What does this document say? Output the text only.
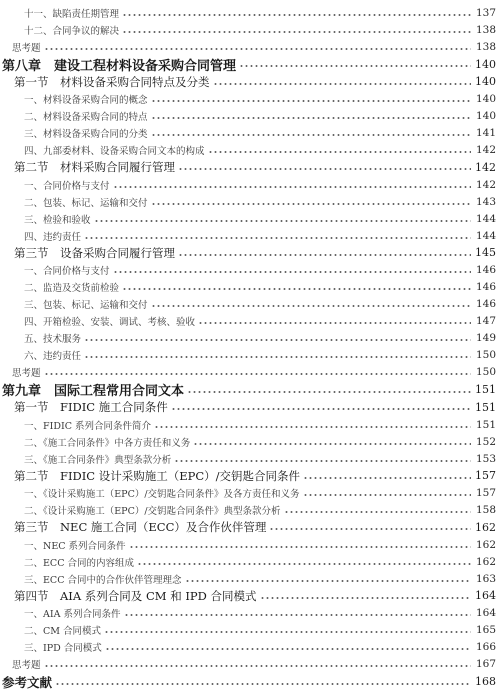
十一、缺陷责任期管理	137
十二、合同争议的解决	138
思考题	138
第八章　建设工程材料设备采购合同管理	140
第一节　材料设备采购合同特点及分类	140
一、材料设备采购合同的概念	140
二、材料设备采购合同的特点	140
三、材料设备采购合同的分类	141
四、九部委材料、设备采购合同文本的构成	142
第二节　材料采购合同履行管理	142
一、合同价格与支付	142
二、包装、标记、运输和交付	143
三、检验和验收	144
四、违约责任	144
第三节　设备采购合同履行管理	145
一、合同价格与支付	146
二、监造及交货前检验	146
三、包装、标记、运输和交付	146
四、开箱检验、安装、调试、考核、验收	147
五、技术服务	149
六、违约责任	150
思考题	150
第九章　国际工程常用合同文本	151
第一节　FIDIC 施工合同条件	151
一、FIDIC 系列合同条件简介	151
二、《施工合同条件》中各方责任和义务	152
三、《施工合同条件》典型条款分析	153
第二节　FIDIC 设计采购施工（EPC）/交钥匙合同条件	157
一、《设计采购施工（EPC）/交钥匙合同条件》及各方责任和义务	157
二、《设计采购施工（EPC）/交钥匙合同条件》典型条款分析	158
第三节　NEC 施工合同（ECC）及合作伙伴管理	162
一、NEC 系列合同条件	162
二、ECC 合同的内容组成	162
三、ECC 合同中的合作伙伴管理理念	163
第四节　AIA 系列合同及 CM 和 IPD 合同模式	164
一、AIA 系列合同条件	164
二、CM 合同模式	165
三、IPD 合同模式	166
思考题	167
参考文献	168
